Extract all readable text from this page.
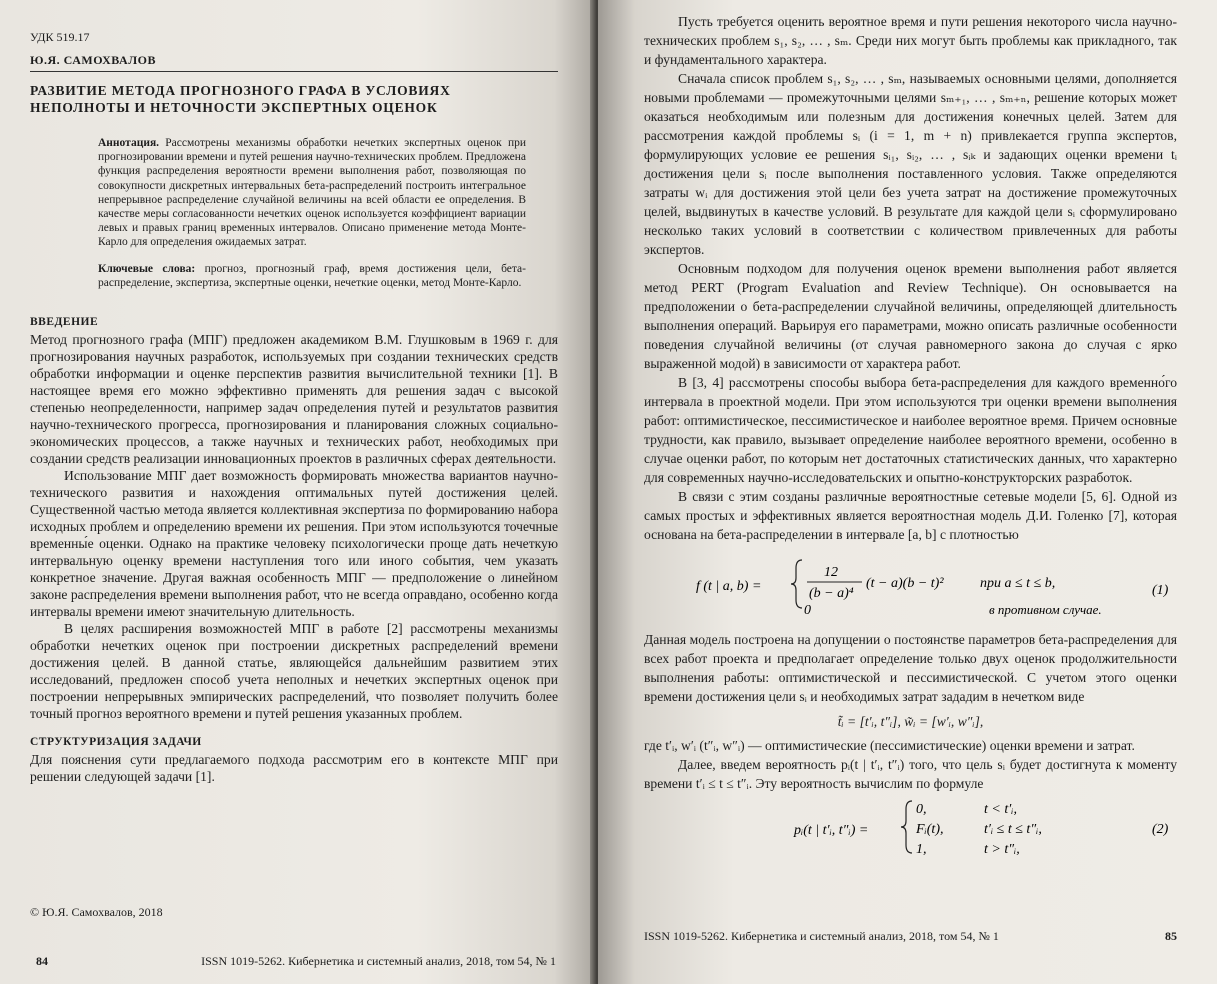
УДК 519.17

Ю.Я. САМОХВАЛОВ

РАЗВИТИЕ МЕТОДА ПРОГНОЗНОГО ГРАФА В УСЛОВИЯХ
НЕПОЛНОТЫ И НЕТОЧНОСТИ ЭКСПЕРТНЫХ ОЦЕНОК

Аннотация. Рассмотрены механизмы обработки нечетких экспертных оценок при прогнозировании времени и путей решения научно-технических проблем. Предложена функция распределения вероятности времени выполнения работ, позволяющая по совокупности дискретных интервальных бета-распределений построить интегральное непрерывное распределение случайной величины на всей области ее определения. В качестве меры согласованности нечетких оценок используется коэффициент вариации левых и правых границ временных интервалов. Описано применение метода Монте-Карло для определения ожидаемых затрат.

Ключевые слова: прогноз, прогнозный граф, время достижения цели, бета-распределение, экспертиза, экспертные оценки, нечеткие оценки, метод Монте-Карло.

ВВЕДЕНИЕ

Метод прогнозного графа (МПГ) предложен академиком В.М. Глушковым в 1969 г. для прогнозирования научных разработок, используемых при создании технических средств обработки информации и оценке перспектив развития вычислительной техники [1]. В настоящее время его можно эффективно применять для решения задач с высокой степенью неопределенности, например задач определения путей и результатов развития научно-технического прогресса, прогнозирования и планирования сложных социально-экономических процессов, а также научных и технических работ, необходимых при создании средств реализации инновационных проектов в различных сферах деятельности.

Использование МПГ дает возможность формировать множества вариантов научно-технического развития и нахождения оптимальных путей достижения целей. Существенной частью метода является коллективная экспертиза по формированию набора исходных проблем и определению времени их решения. При этом используются точечные временны́е оценки. Однако на практике человеку психологически проще дать нечеткую интервальную оценку времени наступления того или иного события, чем указать конкретное значение. Другая важная особенность МПГ — предположение о линейном законе распределения времени выполнения работ, что не всегда оправдано, особенно когда интервалы времени имеют значительную длительность.

В целях расширения возможностей МПГ в работе [2] рассмотрены механизмы обработки нечетких оценок при построении дискретных распределений времени достижения целей. В данной статье, являющейся дальнейшим развитием этих исследований, предложен способ учета неполных и нечетких экспертных оценок при построении непрерывных эмпирических распределений, что позволяет получить более точный прогноз вероятного времени и путей решения указанных проблем.

СТРУКТУРИЗАЦИЯ ЗАДАЧИ

Для пояснения сути предлагаемого подхода рассмотрим его в контексте МПГ при решении следующей задачи [1].

© Ю.Я. Самохвалов, 2018
84	ISSN 1019-5262. Кибернетика и системный анализ, 2018, том 54, № 1

Пусть требуется оценить вероятное время и пути решения некоторого числа научно-технических проблем s₁, s₂, … , sₘ. Среди них могут быть проблемы как прикладного, так и фундаментального характера.

Сначала список проблем s₁, s₂, … , sₘ, называемых основными целями, дополняется новыми проблемами — промежуточными целями sₘ₊₁, … , sₘ₊ₙ, решение которых может оказаться необходимым или полезным для достижения конечных целей. Затем для рассмотрения каждой проблемы sᵢ (i = 1, m + n) привлекается группа экспертов, формулирующих условие ее решения sᵢ₁, sᵢ₂, … , sᵢₖ и задающих оценки времени tᵢ достижения цели sᵢ после выполнения поставленного условия. Также определяются затраты wᵢ для достижения этой цели без учета затрат на достижение промежуточных целей, выдвинутых в качестве условий. В результате для каждой цели sᵢ сформулировано несколько таких условий в соответствии с количеством привлеченных для работы экспертов.

Основным подходом для получения оценок времени выполнения работ является метод PERT (Program Evaluation and Review Technique). Он основывается на предположении о бета-распределении случайной величины, определяющей длительность выполнения операций. Варьируя его параметрами, можно описать различные особенности поведения случайной величины (от случая равномерного закона до случая с ярко выраженной модой) в зависимости от характера работ.

В [3, 4] рассмотрены способы выбора бета-распределения для каждого временно́го интервала в проектной модели. При этом используются три оценки времени выполнения работ: оптимистическое, пессимистическое и наиболее вероятное время. Причем основные трудности, как правило, вызывает определение наиболее вероятного времени, особенно в случае оценки работ, по которым нет достаточных статистических данных, что характерно для современных научно-исследовательских и опытно-конструкторских разработок.

В связи с этим созданы различные вероятностные сетевые модели [5, 6]. Одной из самых простых и эффективных является вероятностная модель Д.И. Голенко [7], которая основана на бета-распределении в интервале [a, b] с плотностью

f (t | a, b) =
12
(b − a)⁴
(t − a)(b − t)²	при a ≤ t ≤ b,
0	в противном случае.
(1)

Данная модель построена на допущении о постоянстве параметров бета-распределения для всех работ проекта и предполагает определение только двух оценок продолжительности выполнения работы: оптимистической и пессимистической. С учетом этого оценки времени достижения цели sᵢ и необходимых затрат зададим в нечетком виде

t̃ᵢ = [t′ᵢ, t″ᵢ], w̃ᵢ = [w′ᵢ, w″ᵢ],

где t′ᵢ, w′ᵢ (t″ᵢ, w″ᵢ) — оптимистические (пессимистические) оценки времени и затрат.

Далее, введем вероятность pᵢ(t | t′ᵢ, t″ᵢ) того, что цель sᵢ будет достигнута к моменту времени t′ᵢ ≤ t ≤ t″ᵢ. Эту вероятность вычислим по формуле

pᵢ(t | t′ᵢ, t″ᵢ) =
0,	t < t′ᵢ,
Fᵢ(t),	t′ᵢ ≤ t ≤ t″ᵢ,
1,	t > t″ᵢ,
(2)
ISSN 1019-5262. Кибернетика и системный анализ, 2018, том 54, № 1	85
